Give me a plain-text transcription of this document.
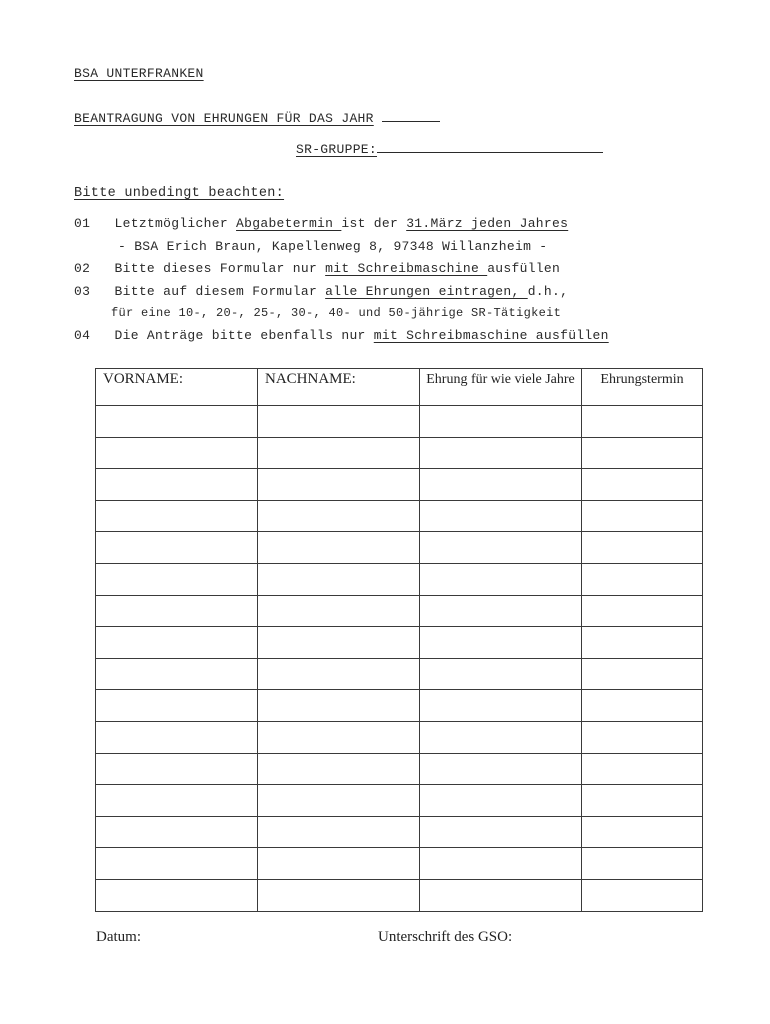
BSA UNTERFRANKEN
BEANTRAGUNG VON EHRUNGEN FÜR DAS JAHR
SR-GRUPPE:
Bitte unbedingt beachten:
01 Letztmöglicher Abgabetermin ist der 31.März jeden Jahres
- BSA Erich Braun, Kapellenweg 8, 97348 Willanzheim -
02 Bitte dieses Formular nur mit Schreibmaschine ausfüllen
03 Bitte auf diesem Formular alle Ehrungen eintragen, d.h.,
für eine 10-, 20-, 25-, 30-, 40- und 50-jährige SR-Tätigkeit
04 Die Anträge bitte ebenfalls nur mit Schreibmaschine ausfüllen
VORNAME:	NACHNAME:	Ehrung für wie viele Jahre	Ehrungstermin

Datum:	Unterschrift des GSO:
